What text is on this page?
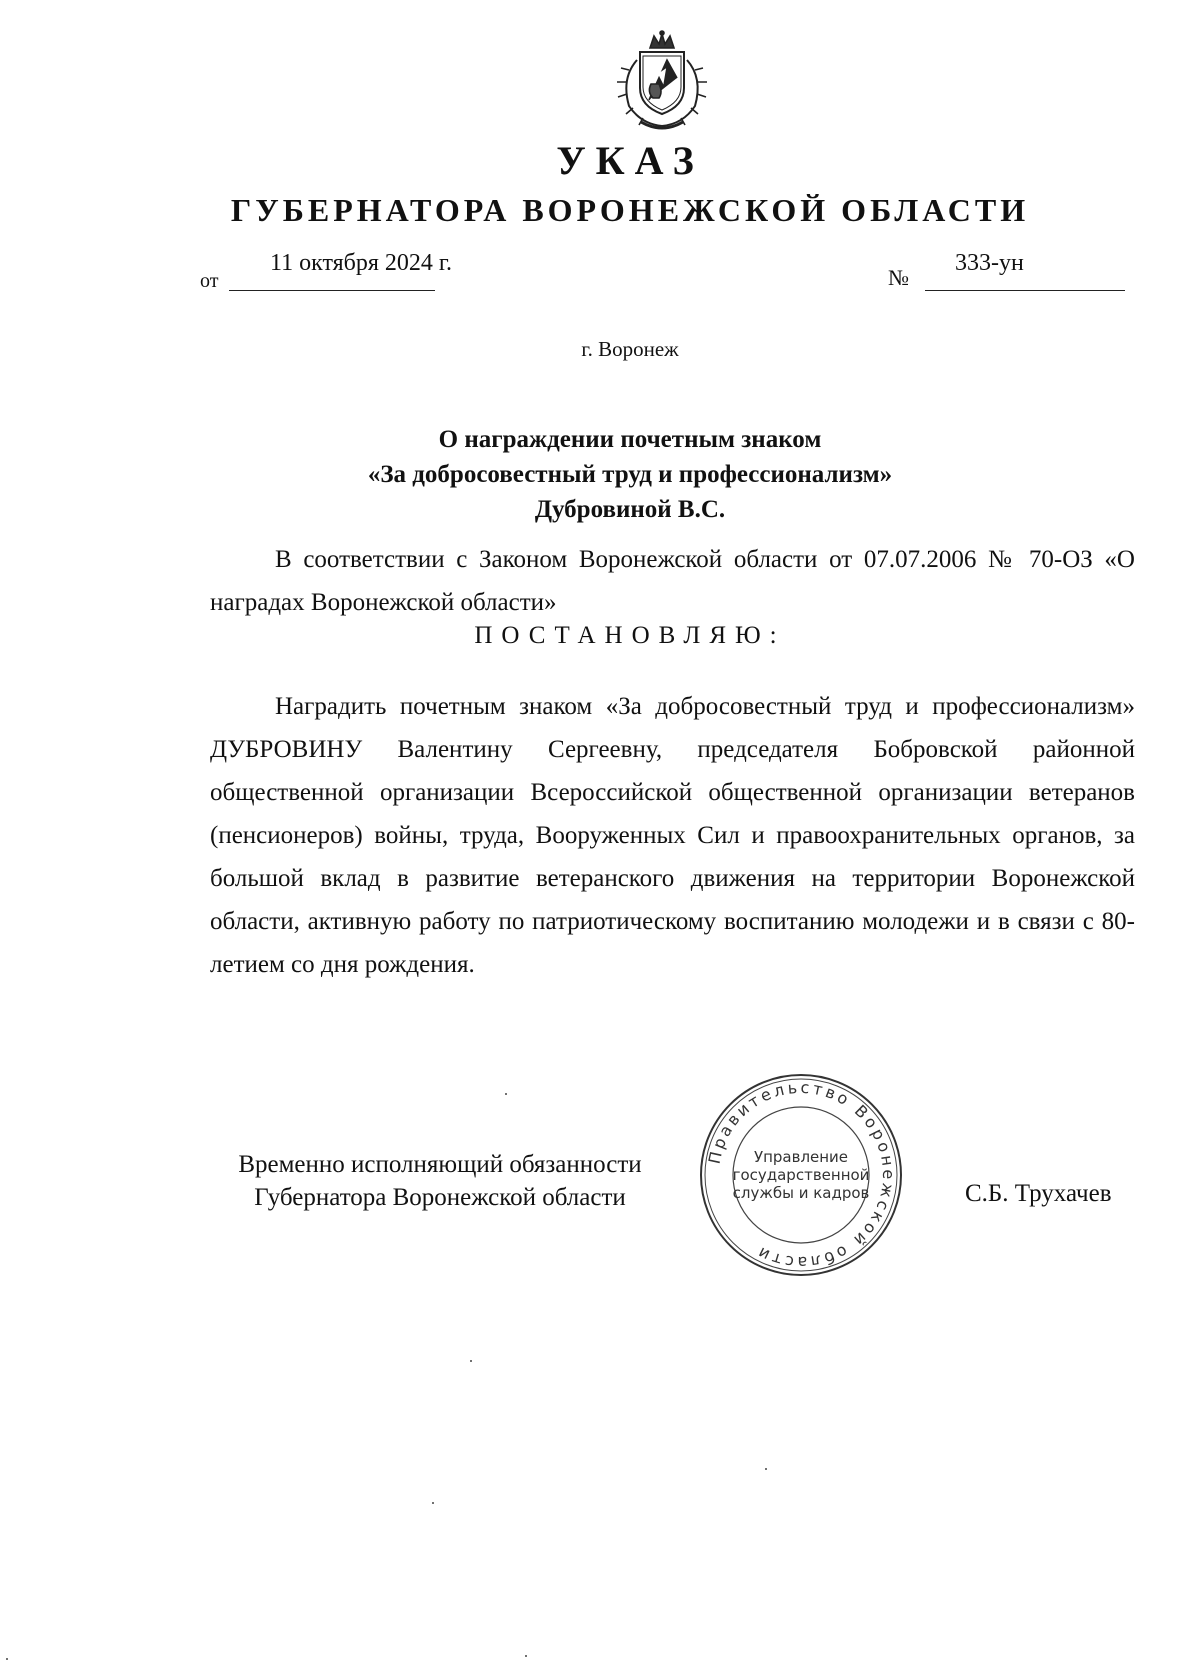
УКАЗ
ГУБЕРНАТОРА ВОРОНЕЖСКОЙ ОБЛАСТИ
от
11 октября 2024 г.
№
333-ун
г. Воронеж
О награждении почетным знаком
«За добросовестный труд и профессионализм»
Дубровиной В.С.
В соответствии с Законом Воронежской области от 07.07.2006 № 70-ОЗ «О наградах Воронежской области»
ПОСТАНОВЛЯЮ:
Наградить почетным знаком «За добросовестный труд и профессионализм» ДУБРОВИНУ Валентину Сергеевну, председателя Бобровской районной общественной организации Всероссийской общественной организации ветеранов (пенсионеров) войны, труда, Вооруженных Сил и правоохранительных органов, за большой вклад в развитие ветеранского движения на территории Воронежской области, активную работу по патриотическому воспитанию молодежи и в связи с 80-летием со дня рождения.
Временно исполняющий обязанности
Губернатора Воронежской области	С.Б. Трухачев
Правительство Воронежской области
Управление
государственной
службы и кадров
